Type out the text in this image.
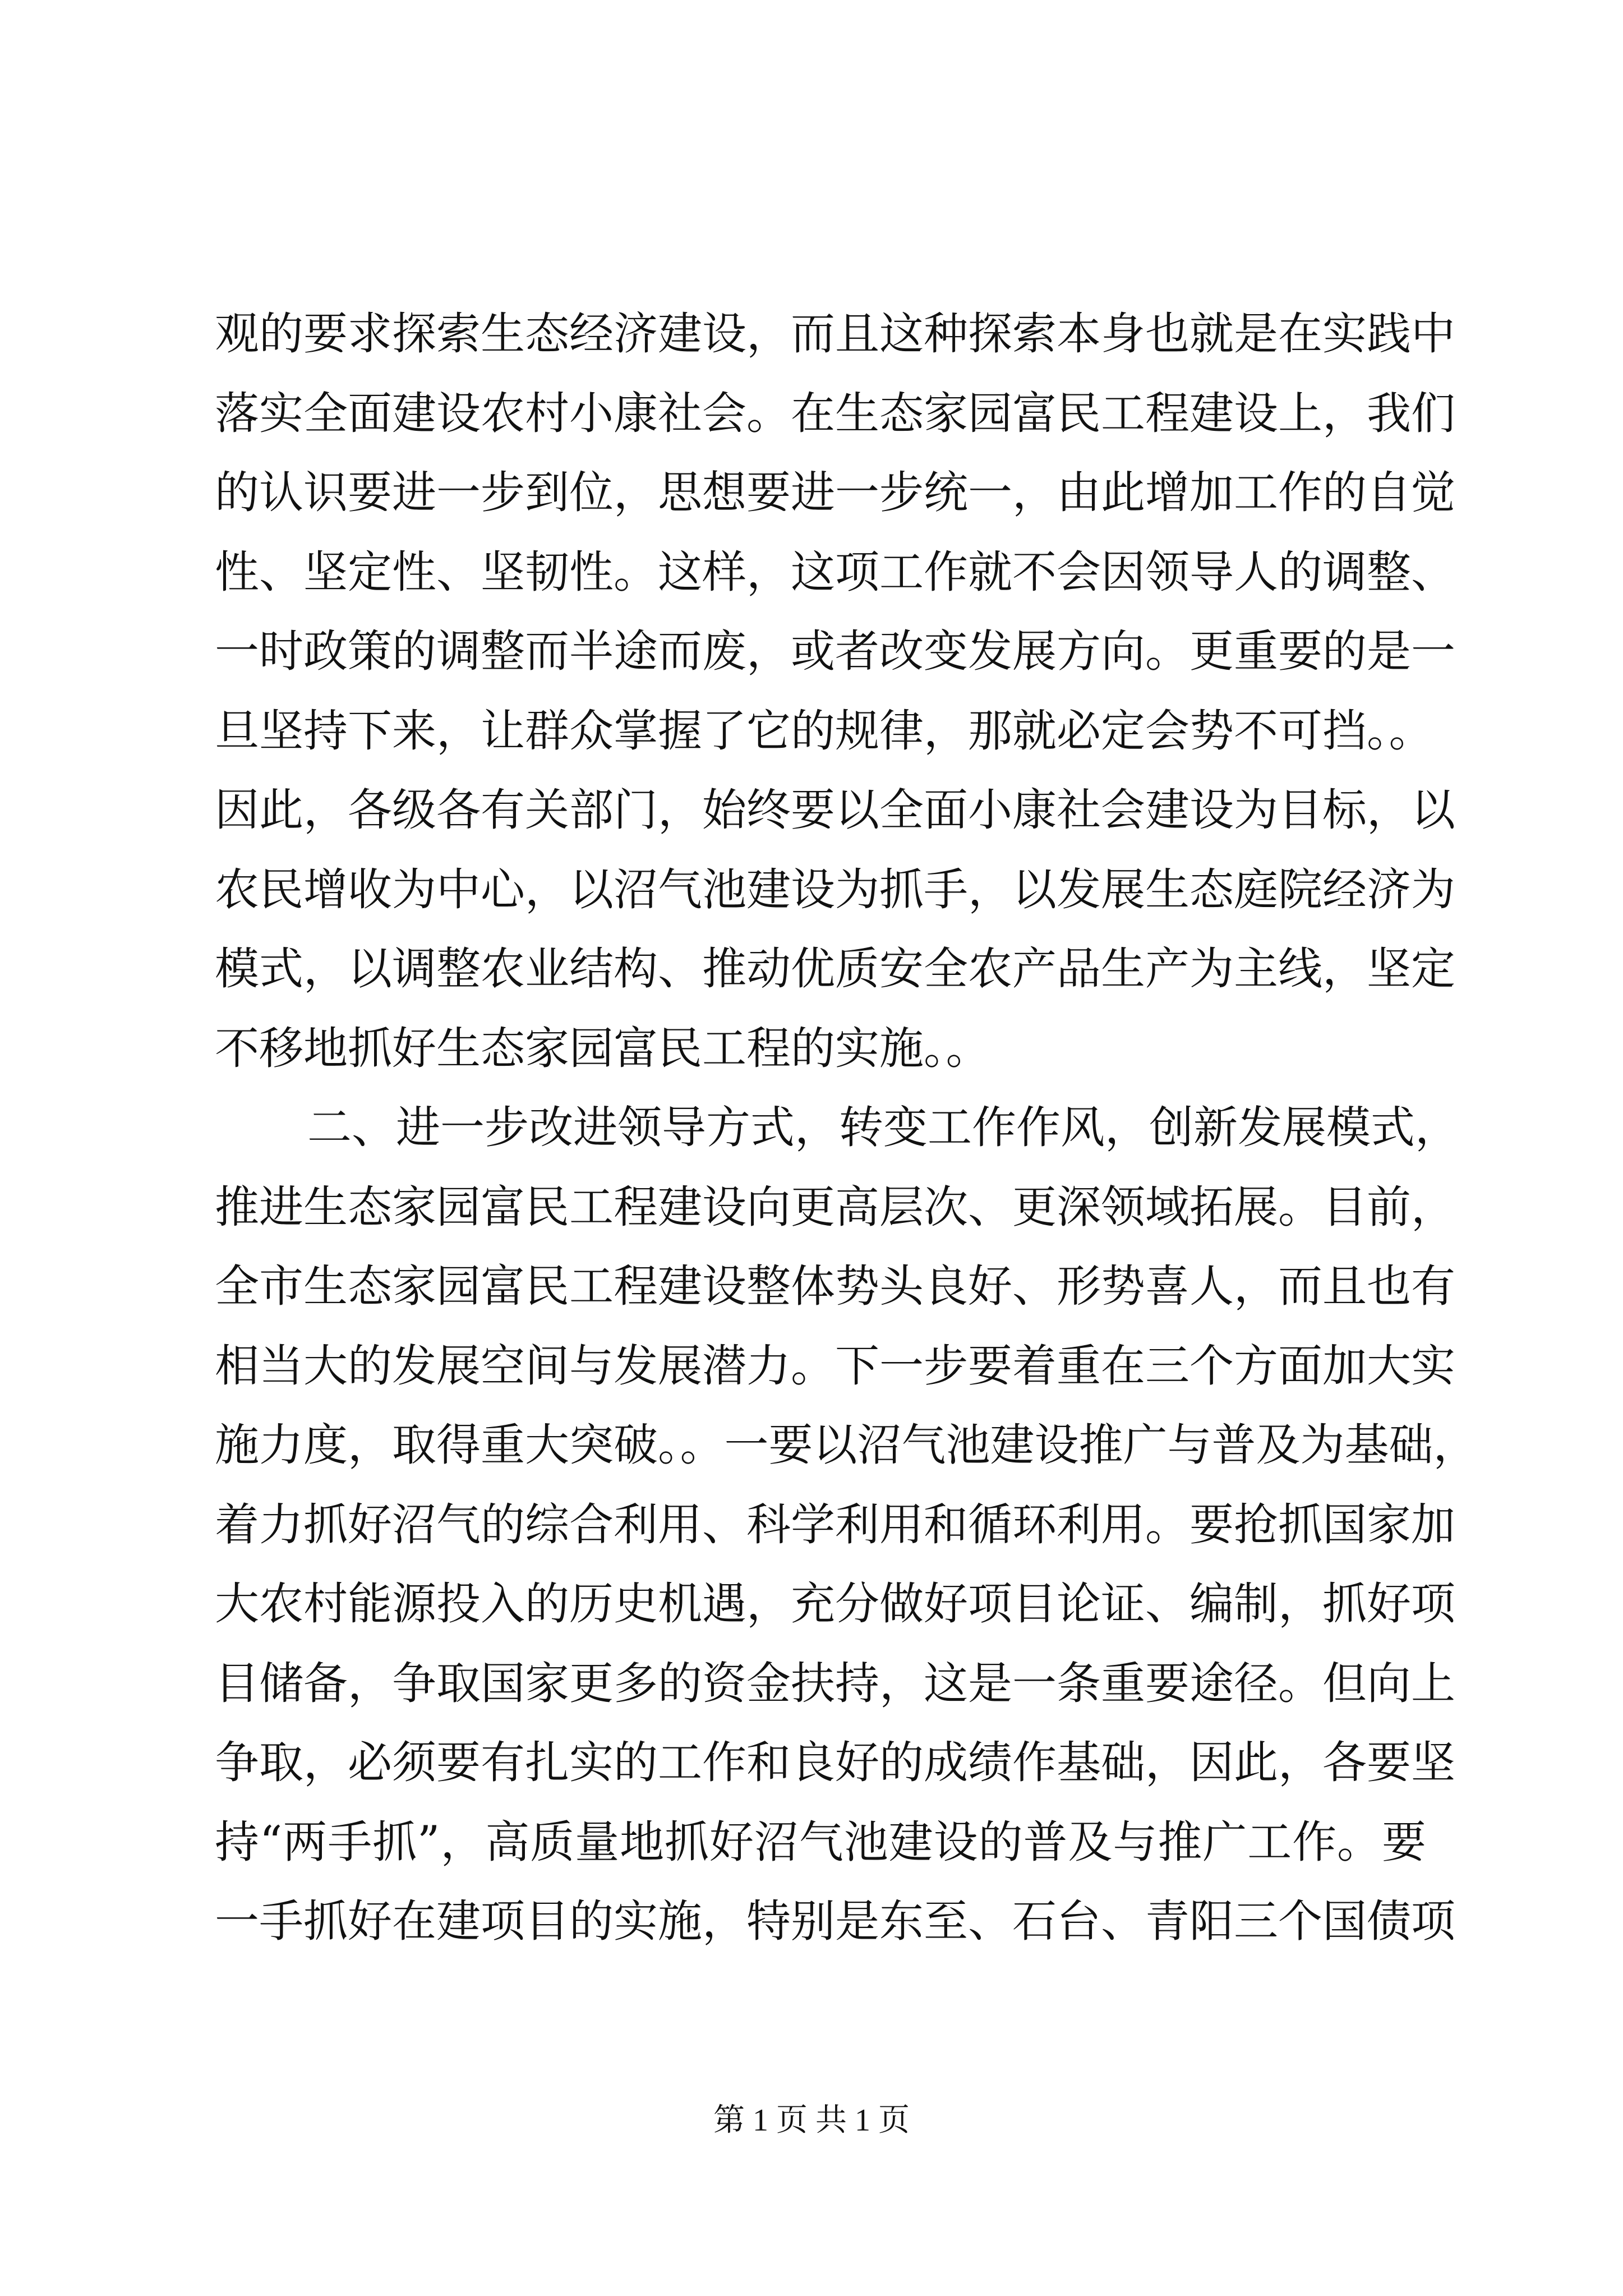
观的要求探索生态经济建设，而且这种探索本身也就是在实践中
落实全面建设农村小康社会。在生态家园富民工程建设上，我们
的认识要进一步到位，思想要进一步统一，由此增加工作的自觉
性、坚定性、坚韧性。这样，这项工作就不会因领导人的调整、
一时政策的调整而半途而废，或者改变发展方向。更重要的是一
旦坚持下来，让群众掌握了它的规律，那就必定会势不可挡。。
因此，各级各有关部门，始终要以全面小康社会建设为目标，以
农民增收为中心，以沼气池建设为抓手，以发展生态庭院经济为
模式，以调整农业结构、推动优质安全农产品生产为主线，坚定
不移地抓好生态家园富民工程的实施。。
二、进一步改进领导方式，转变工作作风，创新发展模式，
推进生态家园富民工程建设向更高层次、更深领域拓展。目前，
全市生态家园富民工程建设整体势头良好、形势喜人，而且也有
相当大的发展空间与发展潜力。下一步要着重在三个方面加大实
施力度，取得重大突破。。一要以沼气池建设推广与普及为基础，
着力抓好沼气的综合利用、科学利用和循环利用。要抢抓国家加
大农村能源投入的历史机遇，充分做好项目论证、编制，抓好项
目储备，争取国家更多的资金扶持，这是一条重要途径。但向上
争取，必须要有扎实的工作和良好的成绩作基础，因此，各要坚
持“两手抓”，高质量地抓好沼气池建设的普及与推广工作。要
一手抓好在建项目的实施，特别是东至、石台、青阳三个国债项
第 1 页 共 1 页
